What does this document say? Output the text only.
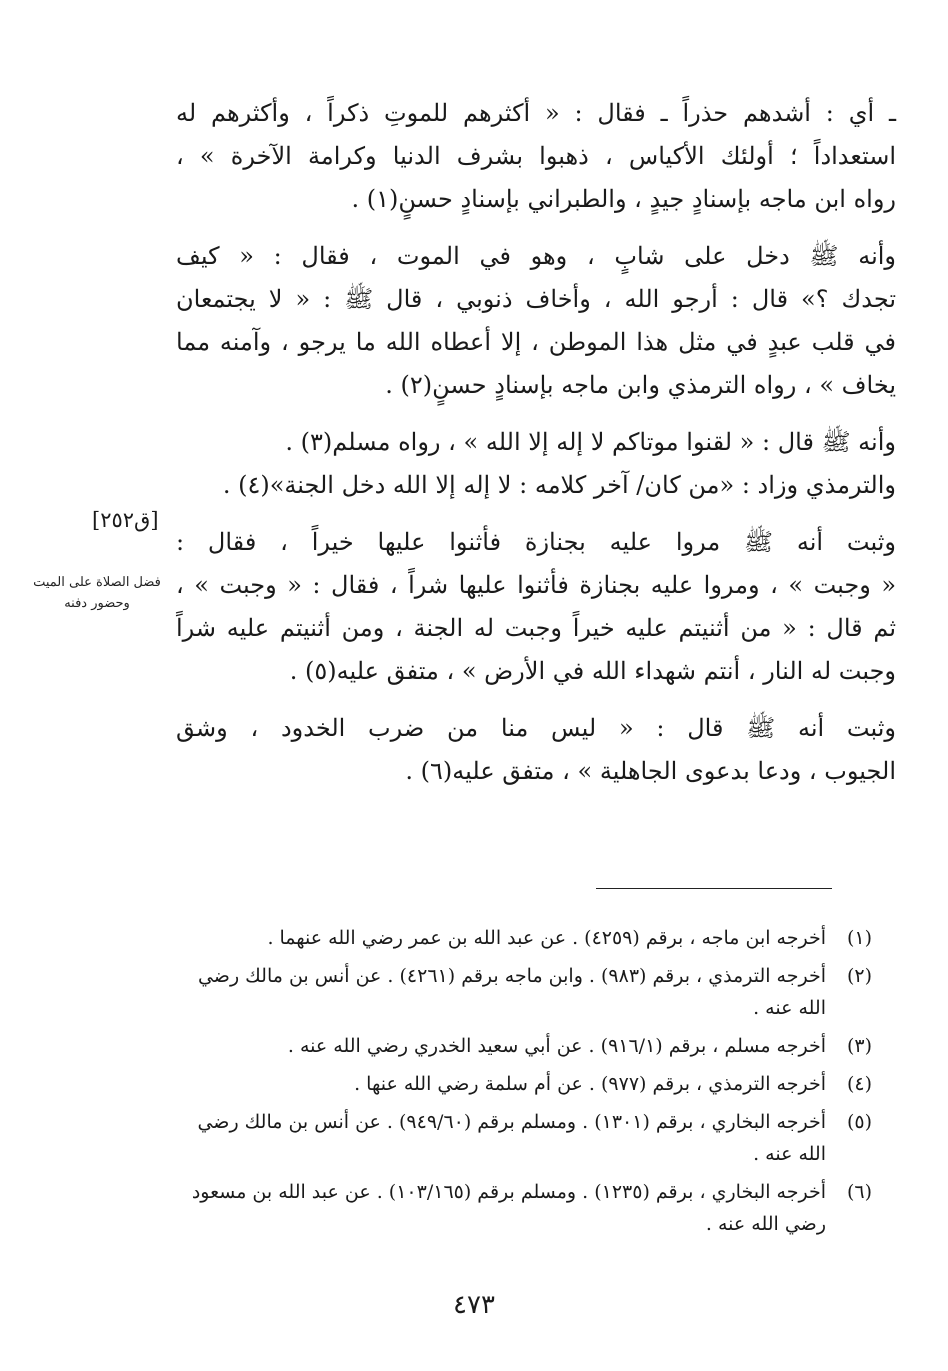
ـ أي : أشدهم حذراً ـ فقال : « أكثرهم للموتِ ذكراً ، وأكثرهم له
استعداداً ؛ أولئك الأكياس ، ذهبوا بشرف الدنيا وكرامة الآخرة » ،
رواه ابن ماجه بإسنادٍ جيدٍ ، والطبراني بإسنادٍ حسنٍ(١) .

وأنه ﷺ دخل على شابٍ ، وهو في الموت ، فقال : « كيف
تجدك ؟» قال : أرجو الله ، وأخاف ذنوبي ، قال ﷺ : « لا يجتمعان
في قلب عبدٍ في مثل هذا الموطن ، إلا أعطاه الله ما يرجو ، وآمنه مما
يخاف » ، رواه الترمذي وابن ماجه بإسنادٍ حسنٍ(٢) .

وأنه ﷺ قال : « لقنوا موتاكم لا إله إلا الله » ، رواه مسلم(٣) .
والترمذي وزاد : «من كان/ آخر كلامه : لا إله إلا الله دخل الجنة»(٤) .

وثبت أنه ﷺ مروا عليه بجنازة فأثنوا عليها خيراً ، فقال :
« وجبت » ، ومروا عليه بجنازة فأثنوا عليها شراً ، فقال : « وجبت » ،
ثم قال : « من أثنيتم عليه خيراً وجبت له الجنة ، ومن أثنيتم عليه شراً
وجبت له النار ، أنتم شهداء الله في الأرض » ، متفق عليه(٥) .

وثبت أنه ﷺ قال : « ليس منا من ضرب الخدود ، وشق
الجيوب ، ودعا بدعوى الجاهلية » ، متفق عليه(٦) .

[ق٢٥٢]
فضل الصلاة على الميت وحضور دفنه
(١)
أخرجه ابن ماجه ، برقم (٤٢٥٩) . عن عبد الله بن عمر رضي الله عنهما .
(٢)
أخرجه الترمذي ، برقم (٩٨٣) . وابن ماجه برقم (٤٢٦١) . عن أنس بن مالك رضي الله عنه .
(٣)
أخرجه مسلم ، برقم (٩١٦/١) . عن أبي سعيد الخدري رضي الله عنه .
(٤)
أخرجه الترمذي ، برقم (٩٧٧) . عن أم سلمة رضي الله عنها .
(٥)
أخرجه البخاري ، برقم (١٣٠١) . ومسلم برقم (٩٤٩/٦٠) . عن أنس بن مالك رضي الله عنه .
(٦)
أخرجه البخاري ، برقم (١٢٣٥) . ومسلم برقم (١٠٣/١٦٥) . عن عبد الله بن مسعود رضي الله عنه .
٤٧٣
